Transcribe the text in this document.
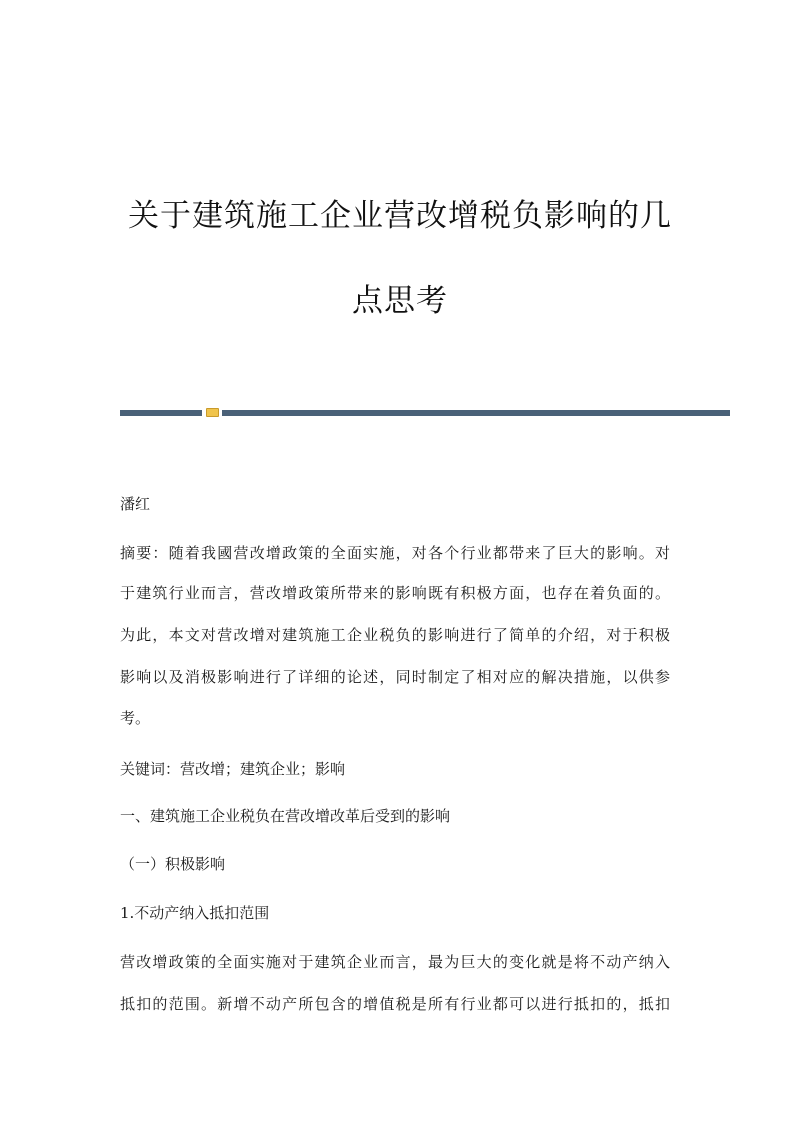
关于建筑施工企业营改增税负影响的几
点思考
潘红
摘要：随着我國营改增政策的全面实施，对各个行业都带来了巨大的影响。对
于建筑行业而言，营改增政策所带来的影响既有积极方面，也存在着负面的。
为此，本文对营改增对建筑施工企业税负的影响进行了简单的介绍，对于积极
影响以及消极影响进行了详细的论述，同时制定了相对应的解决措施，以供参
考。
关键词：营改增；建筑企业；影响
一、建筑施工企业税负在营改增改革后受到的影响
（一）积极影响
1.不动产纳入抵扣范围
营改增政策的全面实施对于建筑企业而言，最为巨大的变化就是将不动产纳入
抵扣的范围。新增不动产所包含的增值税是所有行业都可以进行抵扣的，抵扣
